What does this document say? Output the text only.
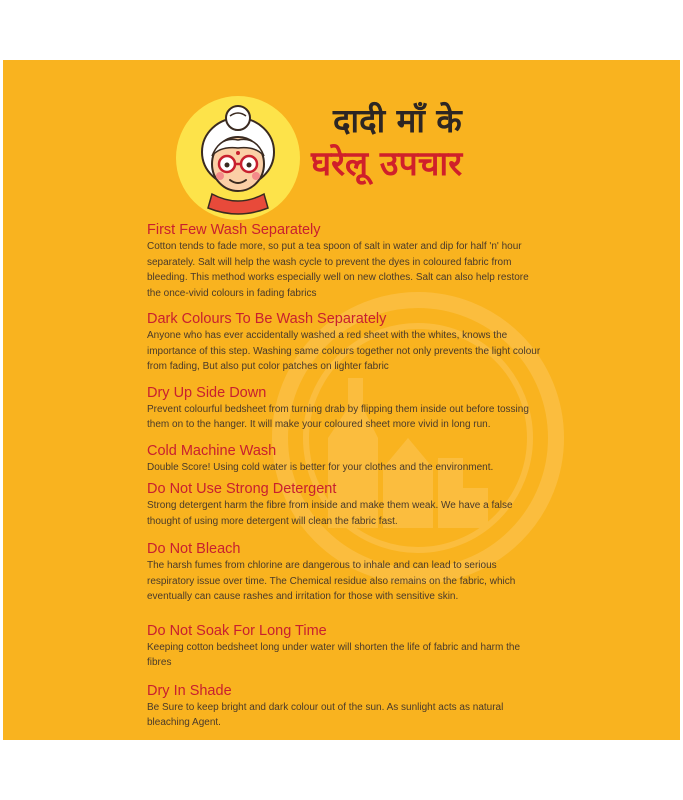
दादी माँ के
घरेलू उपचार
First Few Wash Separately
Cotton tends to fade more, so put a tea spoon of salt in water and dip for half 'n' hour separately. Salt will help the wash cycle to prevent the dyes in coloured fabric from bleeding. This method works especially well on new clothes. Salt can also help restore the once-vivid colours in fading fabrics
Dark Colours To Be Wash Separately
Anyone who has ever accidentally washed a red sheet with the whites, knows the importance of this step. Washing same colours together not only prevents the light colour from fading, But also put color patches on lighter fabric
Dry Up Side Down
Prevent colourful bedsheet from turning drab by flipping them inside out before tossing them on to the hanger. It will make your coloured sheet more vivid in long run.
Cold Machine Wash
Double Score! Using cold water is better for your clothes and the environment.
Do Not Use Strong Detergent
Strong detergent harm the fibre from inside and make them weak. We have a false thought of using more detergent will clean the fabric fast.
Do Not Bleach
The harsh fumes from chlorine are dangerous to inhale and can lead to serious respiratory issue over time. The Chemical residue also remains on the fabric, which eventually can cause rashes and irritation for those with sensitive skin.
Do Not Soak For Long Time
Keeping cotton bedsheet long under water will shorten the life of fabric and harm the fibres
Dry In Shade
Be Sure to keep bright and dark colour out of the sun. As sunlight acts as natural bleaching Agent.
